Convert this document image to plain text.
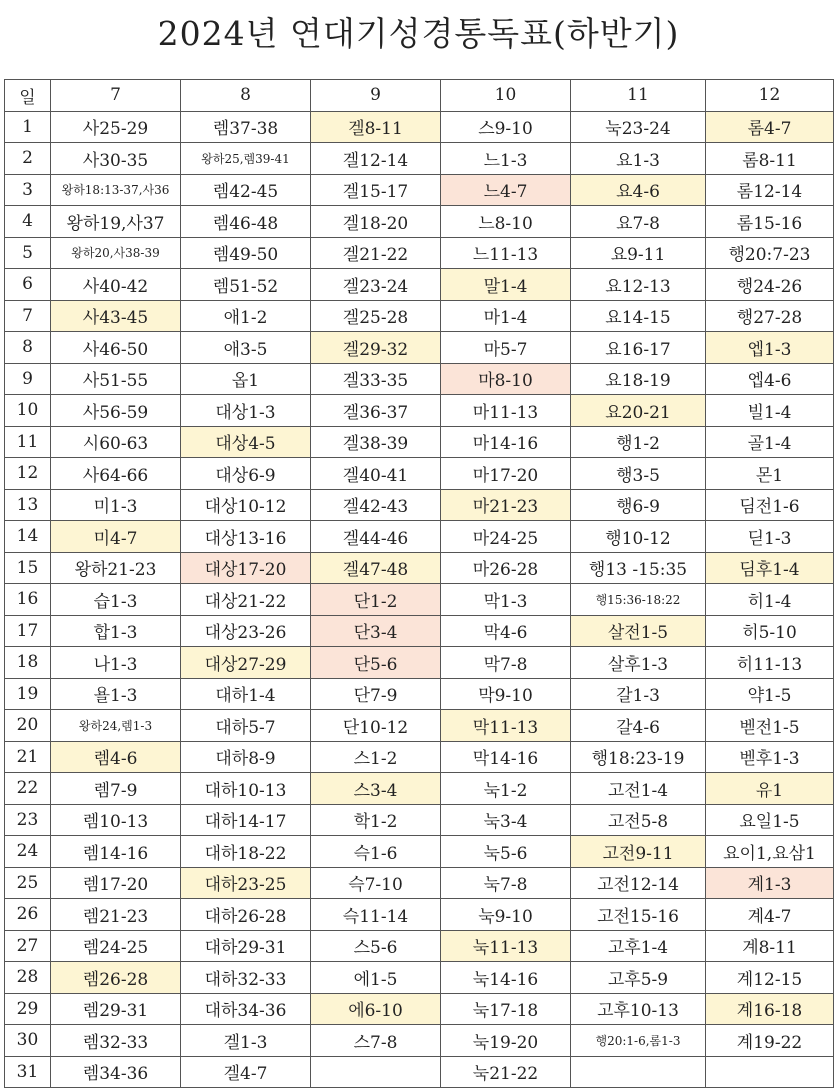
2024년 연대기성경통독표(하반기)
일	7	8	9	10	11	12
1	사25-29	렘37-38	겔8-11	스9-10	눅23-24	롬4-7
2	사30-35	왕하25,렘39-41	겔12-14	느1-3	요1-3	롬8-11
3	왕하18:13-37,사36	렘42-45	겔15-17	느4-7	요4-6	롬12-14
4	왕하19,사37	렘46-48	겔18-20	느8-10	요7-8	롬15-16
5	왕하20,사38-39	렘49-50	겔21-22	느11-13	요9-11	행20:7-23
6	사40-42	렘51-52	겔23-24	말1-4	요12-13	행24-26
7	사43-45	애1-2	겔25-28	마1-4	요14-15	행27-28
8	사46-50	애3-5	겔29-32	마5-7	요16-17	엡1-3
9	사51-55	옵1	겔33-35	마8-10	요18-19	엡4-6
10	사56-59	대상1-3	겔36-37	마11-13	요20-21	빌1-4
11	시60-63	대상4-5	겔38-39	마14-16	행1-2	골1-4
12	사64-66	대상6-9	겔40-41	마17-20	행3-5	몬1
13	미1-3	대상10-12	겔42-43	마21-23	행6-9	딤전1-6
14	미4-7	대상13-16	겔44-46	마24-25	행10-12	딛1-3
15	왕하21-23	대상17-20	겔47-48	마26-28	행13 -15:35	딤후1-4
16	습1-3	대상21-22	단1-2	막1-3	행15:36-18:22	히1-4
17	합1-3	대상23-26	단3-4	막4-6	살전1-5	히5-10
18	나1-3	대상27-29	단5-6	막7-8	살후1-3	히11-13
19	욜1-3	대하1-4	단7-9	막9-10	갈1-3	약1-5
20	왕하24,렘1-3	대하5-7	단10-12	막11-13	갈4-6	벧전1-5
21	렘4-6	대하8-9	스1-2	막14-16	행18:23-19	벧후1-3
22	렘7-9	대하10-13	스3-4	눅1-2	고전1-4	유1
23	렘10-13	대하14-17	학1-2	눅3-4	고전5-8	요일1-5
24	렘14-16	대하18-22	슥1-6	눅5-6	고전9-11	요이1,요삼1
25	렘17-20	대하23-25	슥7-10	눅7-8	고전12-14	계1-3
26	렘21-23	대하26-28	슥11-14	눅9-10	고전15-16	계4-7
27	렘24-25	대하29-31	스5-6	눅11-13	고후1-4	계8-11
28	렘26-28	대하32-33	에1-5	눅14-16	고후5-9	계12-15
29	렘29-31	대하34-36	에6-10	눅17-18	고후10-13	계16-18
30	렘32-33	겔1-3	스7-8	눅19-20	행20:1-6,롬1-3	계19-22
31	렘34-36	겔4-7		눅21-22		
